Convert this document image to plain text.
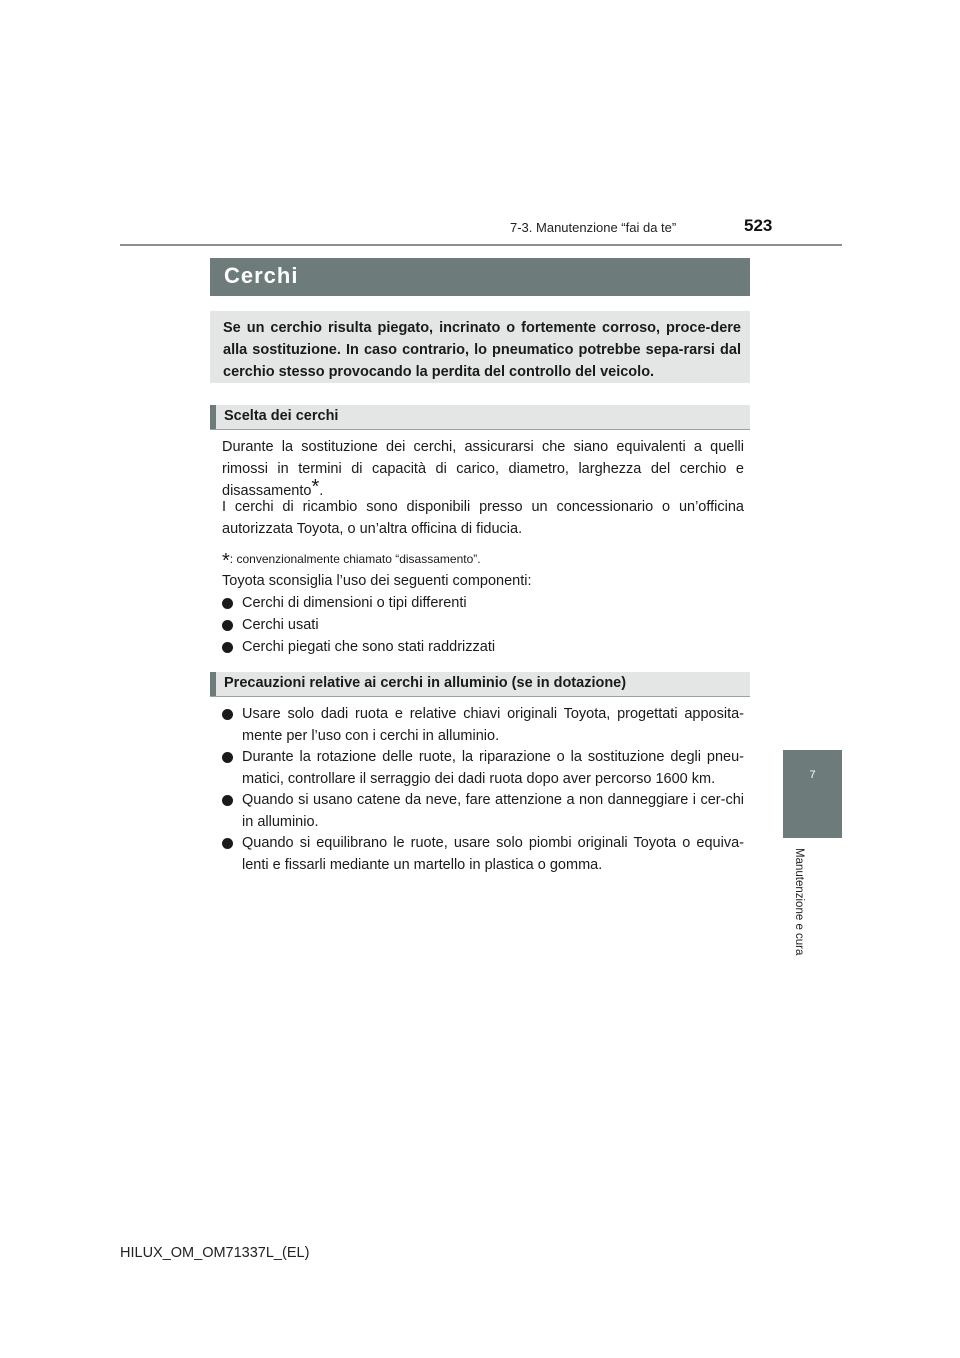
7-3. Manutenzione “fai da te”	523
Cerchi
Se un cerchio risulta piegato, incrinato o fortemente corroso, proce-dere alla sostituzione. In caso contrario, lo pneumatico potrebbe sepa-rarsi dal cerchio stesso provocando la perdita del controllo del veicolo.
Scelta dei cerchi
Durante la sostituzione dei cerchi, assicurarsi che siano equivalenti a quelli rimossi in termini di capacità di carico, diametro, larghezza del cerchio e disassamento*.
I cerchi di ricambio sono disponibili presso un concessionario o un’officina autorizzata Toyota, o un’altra officina di fiducia.
*: convenzionalmente chiamato “disassamento”.
Toyota sconsiglia l’uso dei seguenti componenti:
Cerchi di dimensioni o tipi differenti
Cerchi usati
Cerchi piegati che sono stati raddrizzati
Precauzioni relative ai cerchi in alluminio (se in dotazione)
Usare solo dadi ruota e relative chiavi originali Toyota, progettati apposita-mente per l’uso con i cerchi in alluminio.
Durante la rotazione delle ruote, la riparazione o la sostituzione degli pneu-matici, controllare il serraggio dei dadi ruota dopo aver percorso 1600 km.
Quando si usano catene da neve, fare attenzione a non danneggiare i cer-chi in alluminio.
Quando si equilibrano le ruote, usare solo piombi originali Toyota o equiva-lenti e fissarli mediante un martello in plastica o gomma.
7
Manutenzione e cura
HILUX_OM_OM71337L_(EL)
